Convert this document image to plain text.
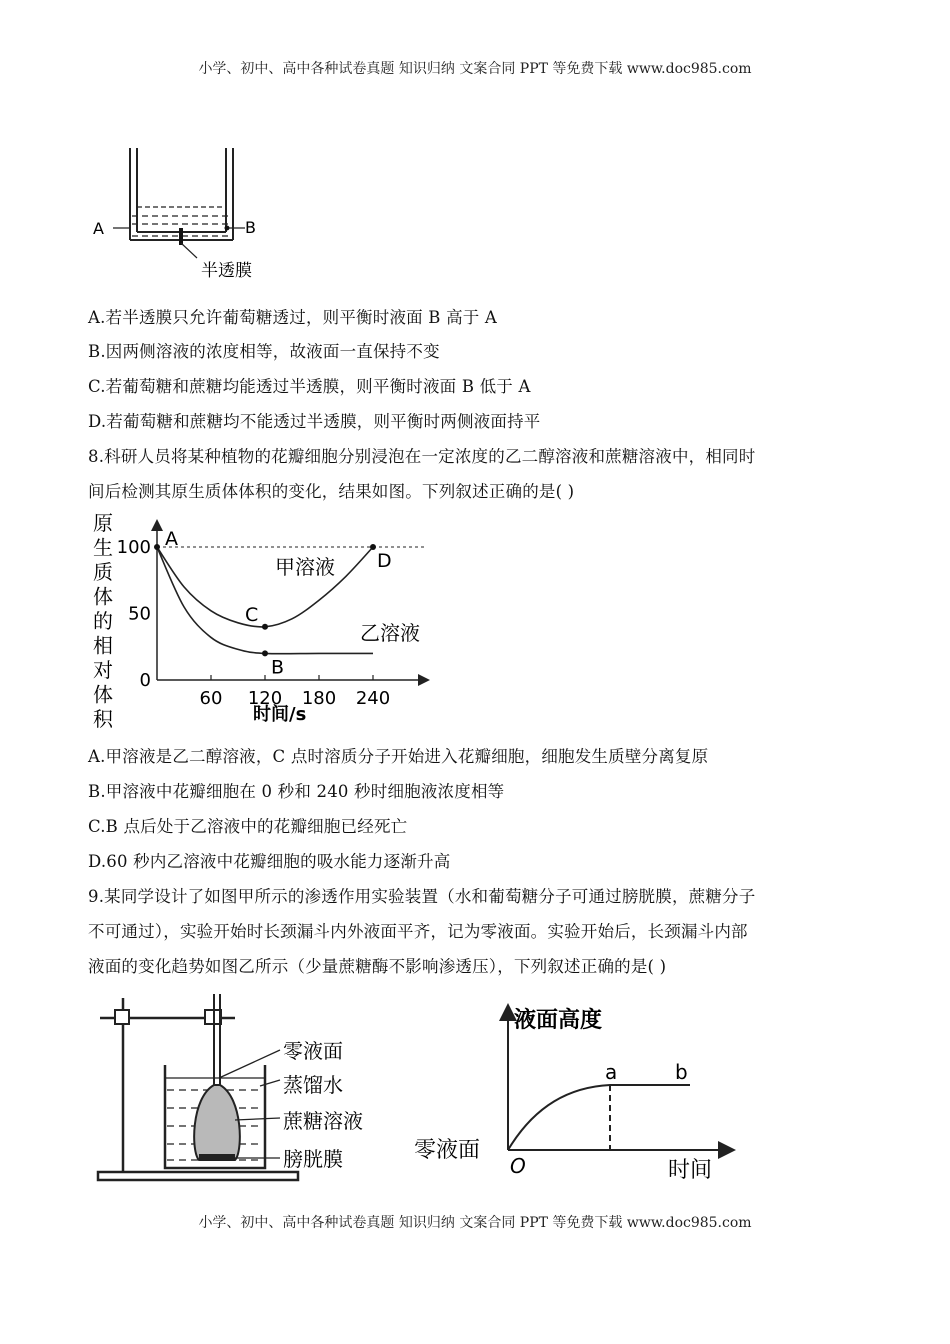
小学、初中、高中各种试卷真题 知识归纳 文案合同 PPT 等免费下载 www.doc985.com
A	B
半透膜
A.若半透膜只允许葡萄糖透过，则平衡时液面 B 高于 A
B.因两侧溶液的浓度相等，故液面一直保持不变
C.若葡萄糖和蔗糖均能透过半透膜，则平衡时液面 B 低于 A
D.若葡萄糖和蔗糖均不能透过半透膜，则平衡时两侧液面持平
8.科研人员将某种植物的花瓣细胞分别浸泡在一定浓度的乙二醇溶液和蔗糖溶液中，相同时
间后检测其原生质体体积的变化，结果如图。下列叙述正确的是( )
原
生
质
体
的
相
对
体
积
0
50
100
60 120 180 240
甲溶液
乙溶液
A
B
C
D
时间/s
A.甲溶液是乙二醇溶液，C 点时溶质分子开始进入花瓣细胞，细胞发生质壁分离复原
B.甲溶液中花瓣细胞在 0 秒和 240 秒时细胞液浓度相等
C.B 点后处于乙溶液中的花瓣细胞已经死亡
D.60 秒内乙溶液中花瓣细胞的吸水能力逐渐升高
9.某同学设计了如图甲所示的渗透作用实验装置（水和葡萄糖分子可通过膀胱膜，蔗糖分子
不可通过），实验开始时长颈漏斗内外液面平齐，记为零液面。实验开始后，长颈漏斗内部
液面的变化趋势如图乙所示（少量蔗糖酶不影响渗透压），下列叙述正确的是( )
零液面
蒸馏水
蔗糖溶液
膀胱膜
液面高度
零液面
O
a	b
时间
小学、初中、高中各种试卷真题 知识归纳 文案合同 PPT 等免费下载 www.doc985.com
